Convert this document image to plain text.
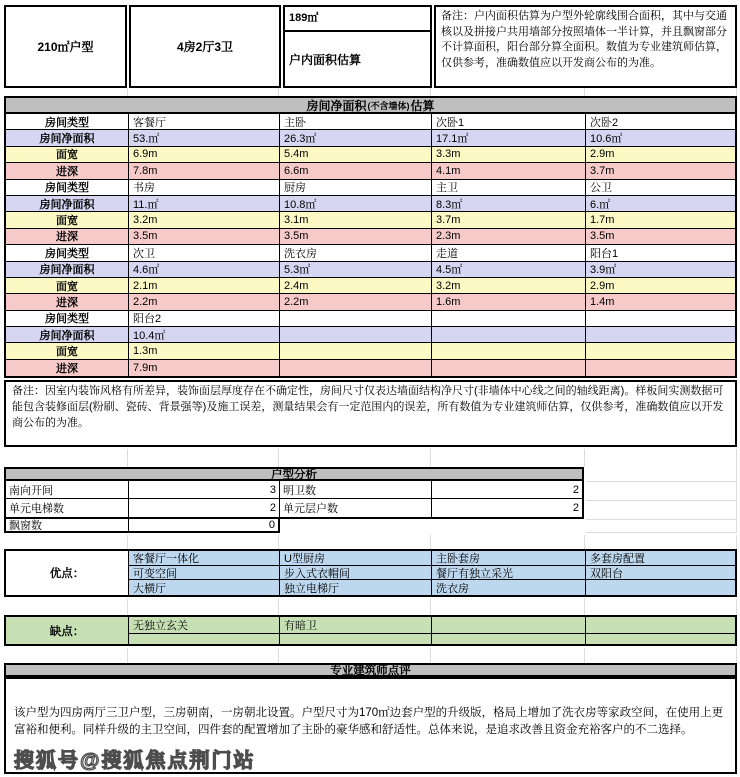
210㎡户型	4房2厅3卫
189㎡
户内面积估算
备注：户内面积估算为户型外轮廓线围合面积，其中与交通核以及拼接户共用墙部分按照墙体一半计算，并且飘窗部分不计算面积，阳台部分算全面积。数值为专业建筑师估算，仅供参考，准确数值应以开发商公布的为准。
房间净面积 (不含墙体) 估算
房间类型	客餐厅	主卧	次卧1	次卧2
房间净面积	53.㎡	26.3㎡	17.1㎡	10.6㎡
面宽	6.9m	5.4m	3.3m	2.9m
进深	7.8m	6.6m	4.1m	3.7m
房间类型	书房	厨房	主卫	公卫
房间净面积	11.㎡	10.8㎡	8.3㎡	6.㎡
面宽	3.2m	3.1m	3.7m	1.7m
进深	3.5m	3.5m	2.3m	3.5m
房间类型	次卫	洗衣房	走道	阳台1
房间净面积	4.6㎡	5.3㎡	4.5㎡	3.9㎡
面宽	2.1m	2.4m	3.2m	2.9m
进深	2.2m	2.2m	1.6m	1.4m
房间类型	阳台2
房间净面积	10.4㎡
面宽	1.3m
进深	7.9m
备注：因室内装饰风格有所差异，装饰面层厚度存在不确定性，房间尺寸仅表达墙面结构净尺寸(非墙体中心线之间的轴线距离)。样板间实测数据可能包含装修面层(粉刷、瓷砖、背景强等)及施工误差，测量结果会有一定范围内的误差，所有数值为专业建筑师估算，仅供参考，准确数值应以开发商公布的为准。
户型分析
南向开间	3 明卫数	2
单元电梯数	2 单元层户数	2
飘窗数	0
优点：
客餐厅一体化	U型厨房	主卧套房	多套房配置
可变空间	步入式衣帽间	餐厅有独立采光	双阳台
大横厅	独立电梯厅	洗衣房
缺点：	无独立玄关	有暗卫
专业建筑师点评
该户型为四房两厅三卫户型，三房朝南，一房朝北设置。户型尺寸为170㎡边套户型的升级版，格局上增加了洗衣房等家政空间，在使用上更富裕和便利。同样升级的主卫空间，四件套的配置增加了主卧的豪华感和舒适性。总体来说，是追求改善且资金充裕客户的不二选择。
搜狐号@搜狐焦点荆门站
